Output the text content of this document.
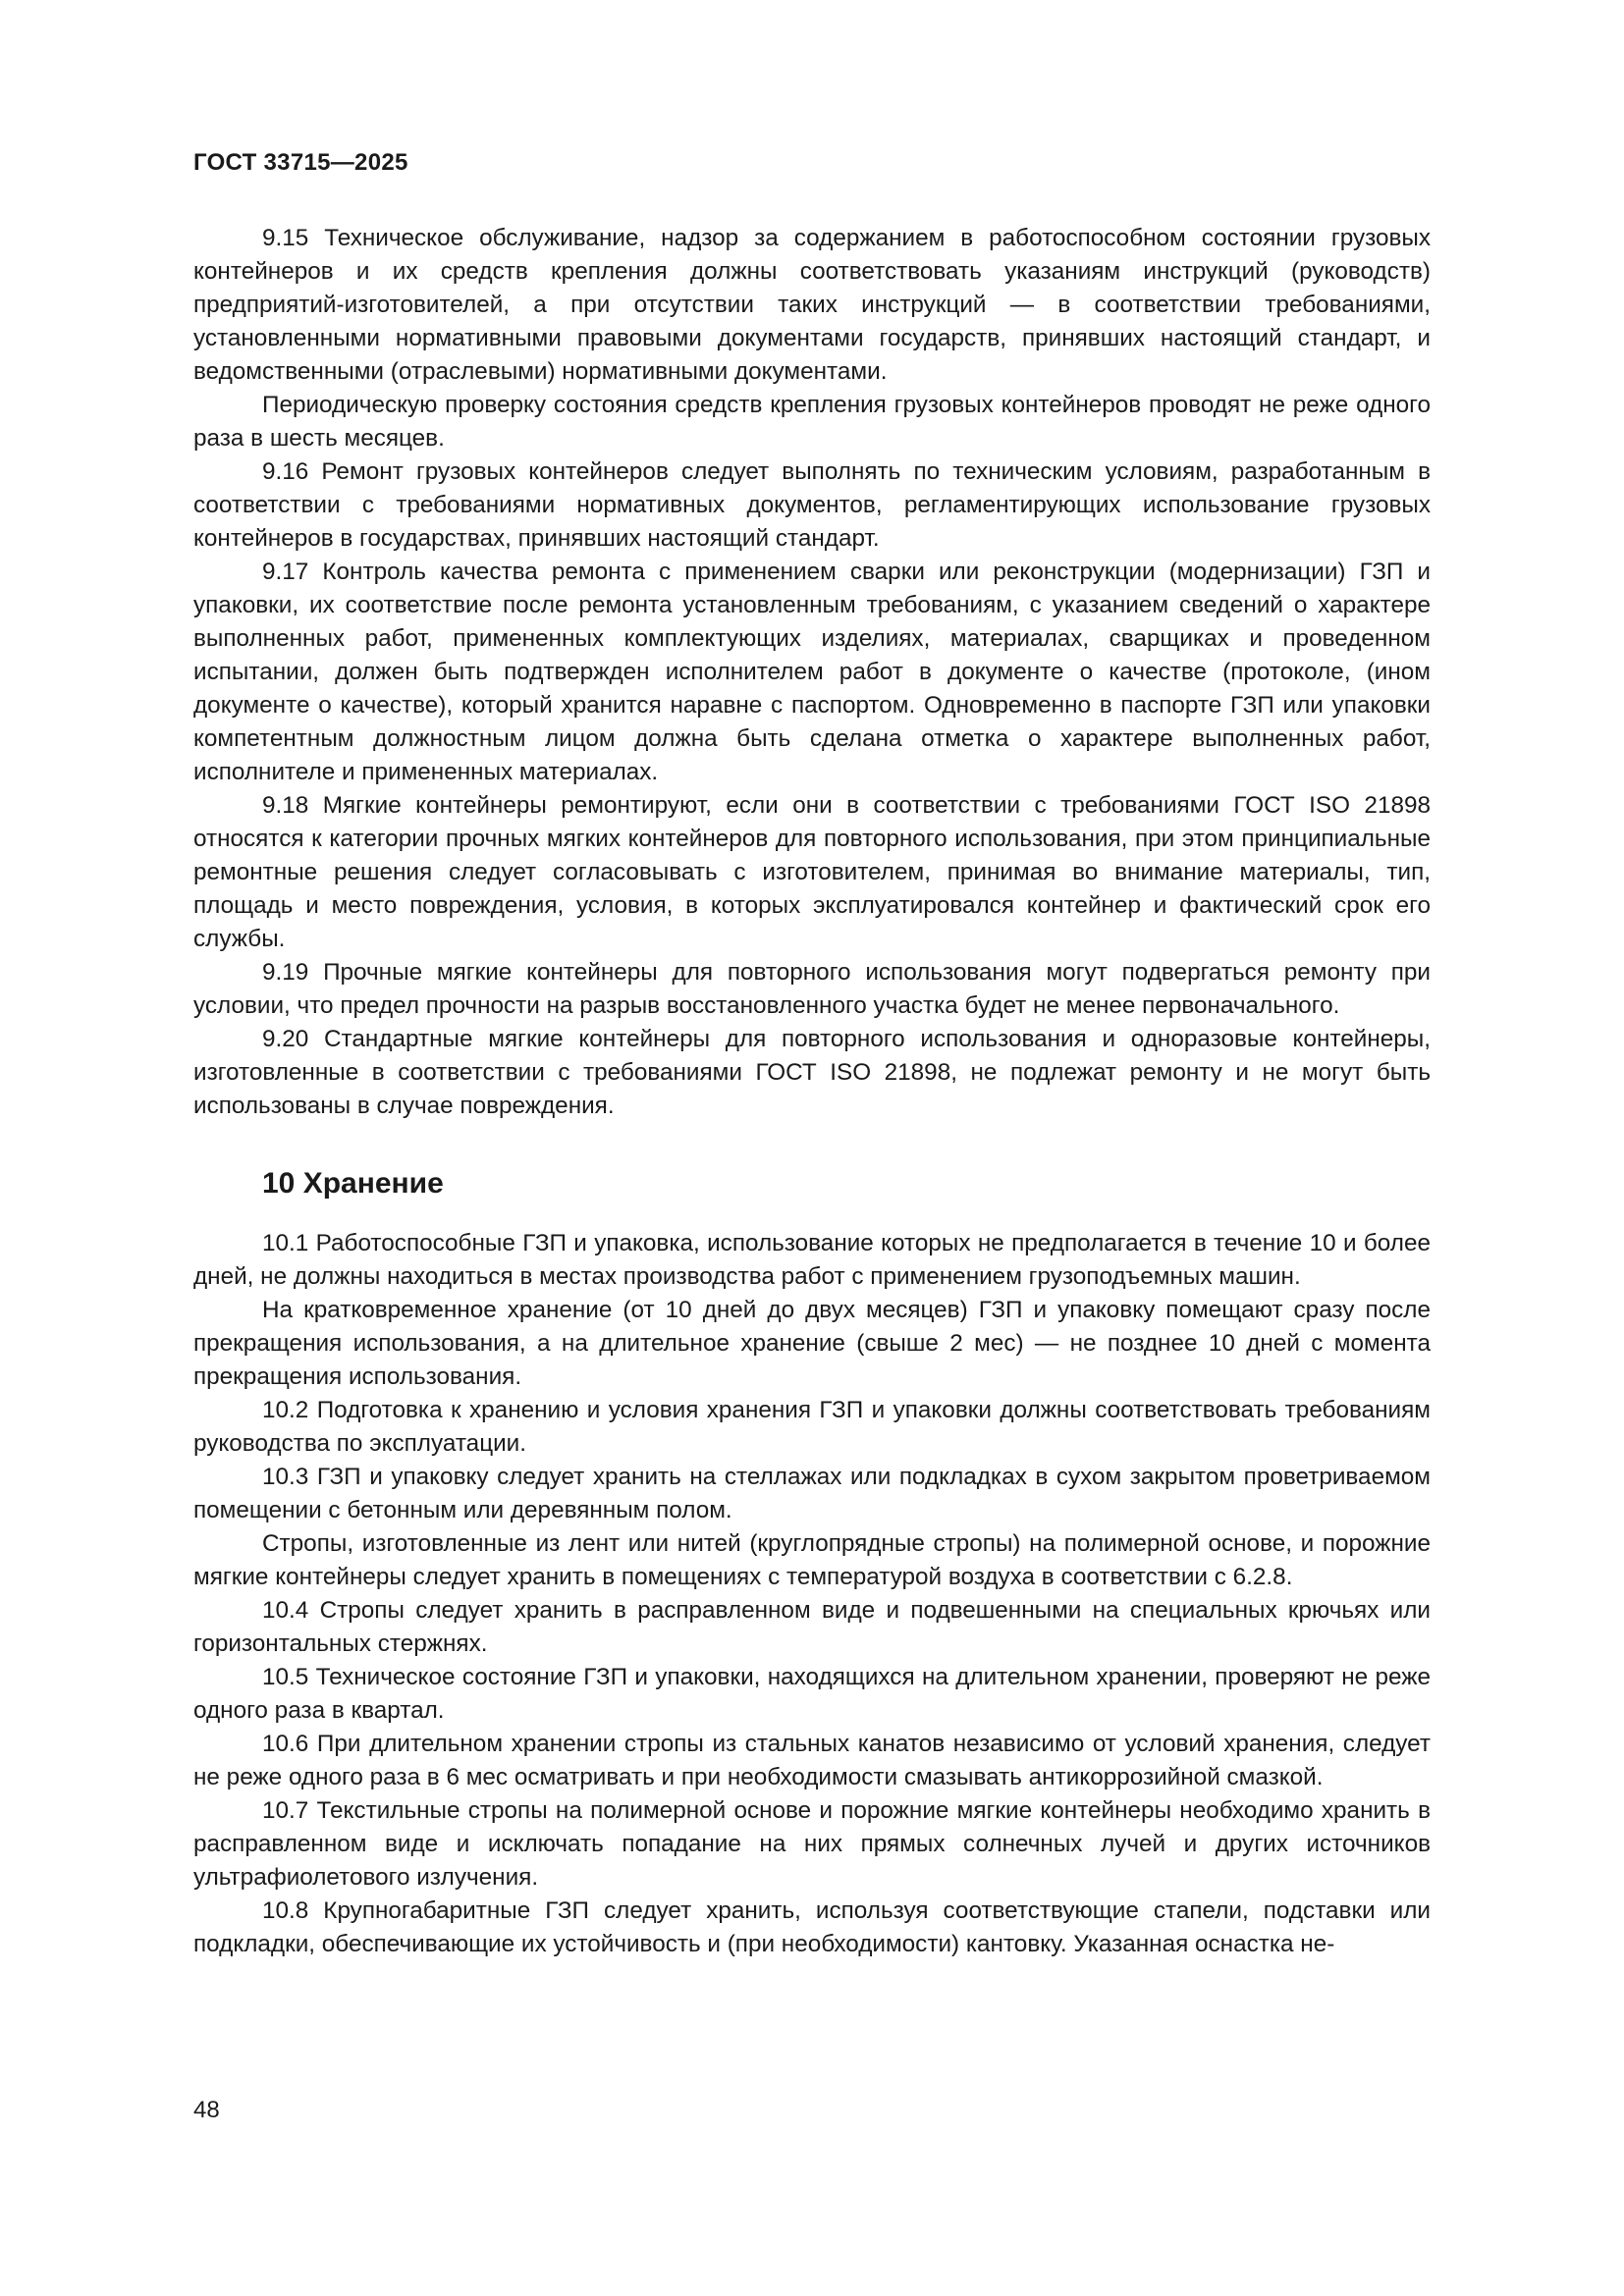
ГОСТ 33715—2025

9.15 Техническое обслуживание, надзор за содержанием в работоспособном состоянии грузовых контейнеров и их средств крепления должны соответствовать указаниям инструкций (руководств) предприятий-изготовителей, а при отсутствии таких инструкций — в соответствии требованиями, установленными нормативными правовыми документами государств, принявших настоящий стандарт, и ведомственными (отраслевыми) нормативными документами.

Периодическую проверку состояния средств крепления грузовых контейнеров проводят не реже одного раза в шесть месяцев.

9.16 Ремонт грузовых контейнеров следует выполнять по техническим условиям, разработанным в соответствии с требованиями нормативных документов, регламентирующих использование грузовых контейнеров в государствах, принявших настоящий стандарт.

9.17 Контроль качества ремонта с применением сварки или реконструкции (модернизации) ГЗП и упаковки, их соответствие после ремонта установленным требованиям, с указанием сведений о характере выполненных работ, примененных комплектующих изделиях, материалах, сварщиках и проведенном испытании, должен быть подтвержден исполнителем работ в документе о качестве (протоколе, (ином документе о качестве), который хранится наравне с паспортом. Одновременно в паспорте ГЗП или упаковки компетентным должностным лицом должна быть сделана отметка о характере выполненных работ, исполнителе и примененных материалах.

9.18 Мягкие контейнеры ремонтируют, если они в соответствии с требованиями ГОСТ ISO 21898 относятся к категории прочных мягких контейнеров для повторного использования, при этом принципиальные ремонтные решения следует согласовывать с изготовителем, принимая во внимание материалы, тип, площадь и место повреждения, условия, в которых эксплуатировался контейнер и фактический срок его службы.

9.19 Прочные мягкие контейнеры для повторного использования могут подвергаться ремонту при условии, что предел прочности на разрыв восстановленного участка будет не менее первоначального.

9.20 Стандартные мягкие контейнеры для повторного использования и одноразовые контейнеры, изготовленные в соответствии с требованиями ГОСТ ISO 21898, не подлежат ремонту и не могут быть использованы в случае повреждения.

10 Хранение

10.1 Работоспособные ГЗП и упаковка, использование которых не предполагается в течение 10 и более дней, не должны находиться в местах производства работ с применением грузоподъемных машин.

На кратковременное хранение (от 10 дней до двух месяцев) ГЗП и упаковку помещают сразу после прекращения использования, а на длительное хранение (свыше 2 мес) — не позднее 10 дней с момента прекращения использования.

10.2 Подготовка к хранению и условия хранения ГЗП и упаковки должны соответствовать требованиям руководства по эксплуатации.

10.3 ГЗП и упаковку следует хранить на стеллажах или подкладках в сухом закрытом проветриваемом помещении с бетонным или деревянным полом.

Стропы, изготовленные из лент или нитей (круглопрядные стропы) на полимерной основе, и порожние мягкие контейнеры следует хранить в помещениях с температурой воздуха в соответствии с 6.2.8.

10.4 Стропы следует хранить в расправленном виде и подвешенными на специальных крючьях или горизонтальных стержнях.

10.5 Техническое состояние ГЗП и упаковки, находящихся на длительном хранении, проверяют не реже одного раза в квартал.

10.6 При длительном хранении стропы из стальных канатов независимо от условий хранения, следует не реже одного раза в 6 мес осматривать и при необходимости смазывать антикоррозийной смазкой.

10.7 Текстильные стропы на полимерной основе и порожние мягкие контейнеры необходимо хранить в расправленном виде и исключать попадание на них прямых солнечных лучей и других источников ультрафиолетового излучения.

10.8 Крупногабаритные ГЗП следует хранить, используя соответствующие стапели, подставки или подкладки, обеспечивающие их устойчивость и (при необходимости) кантовку. Указанная оснастка не-

48
